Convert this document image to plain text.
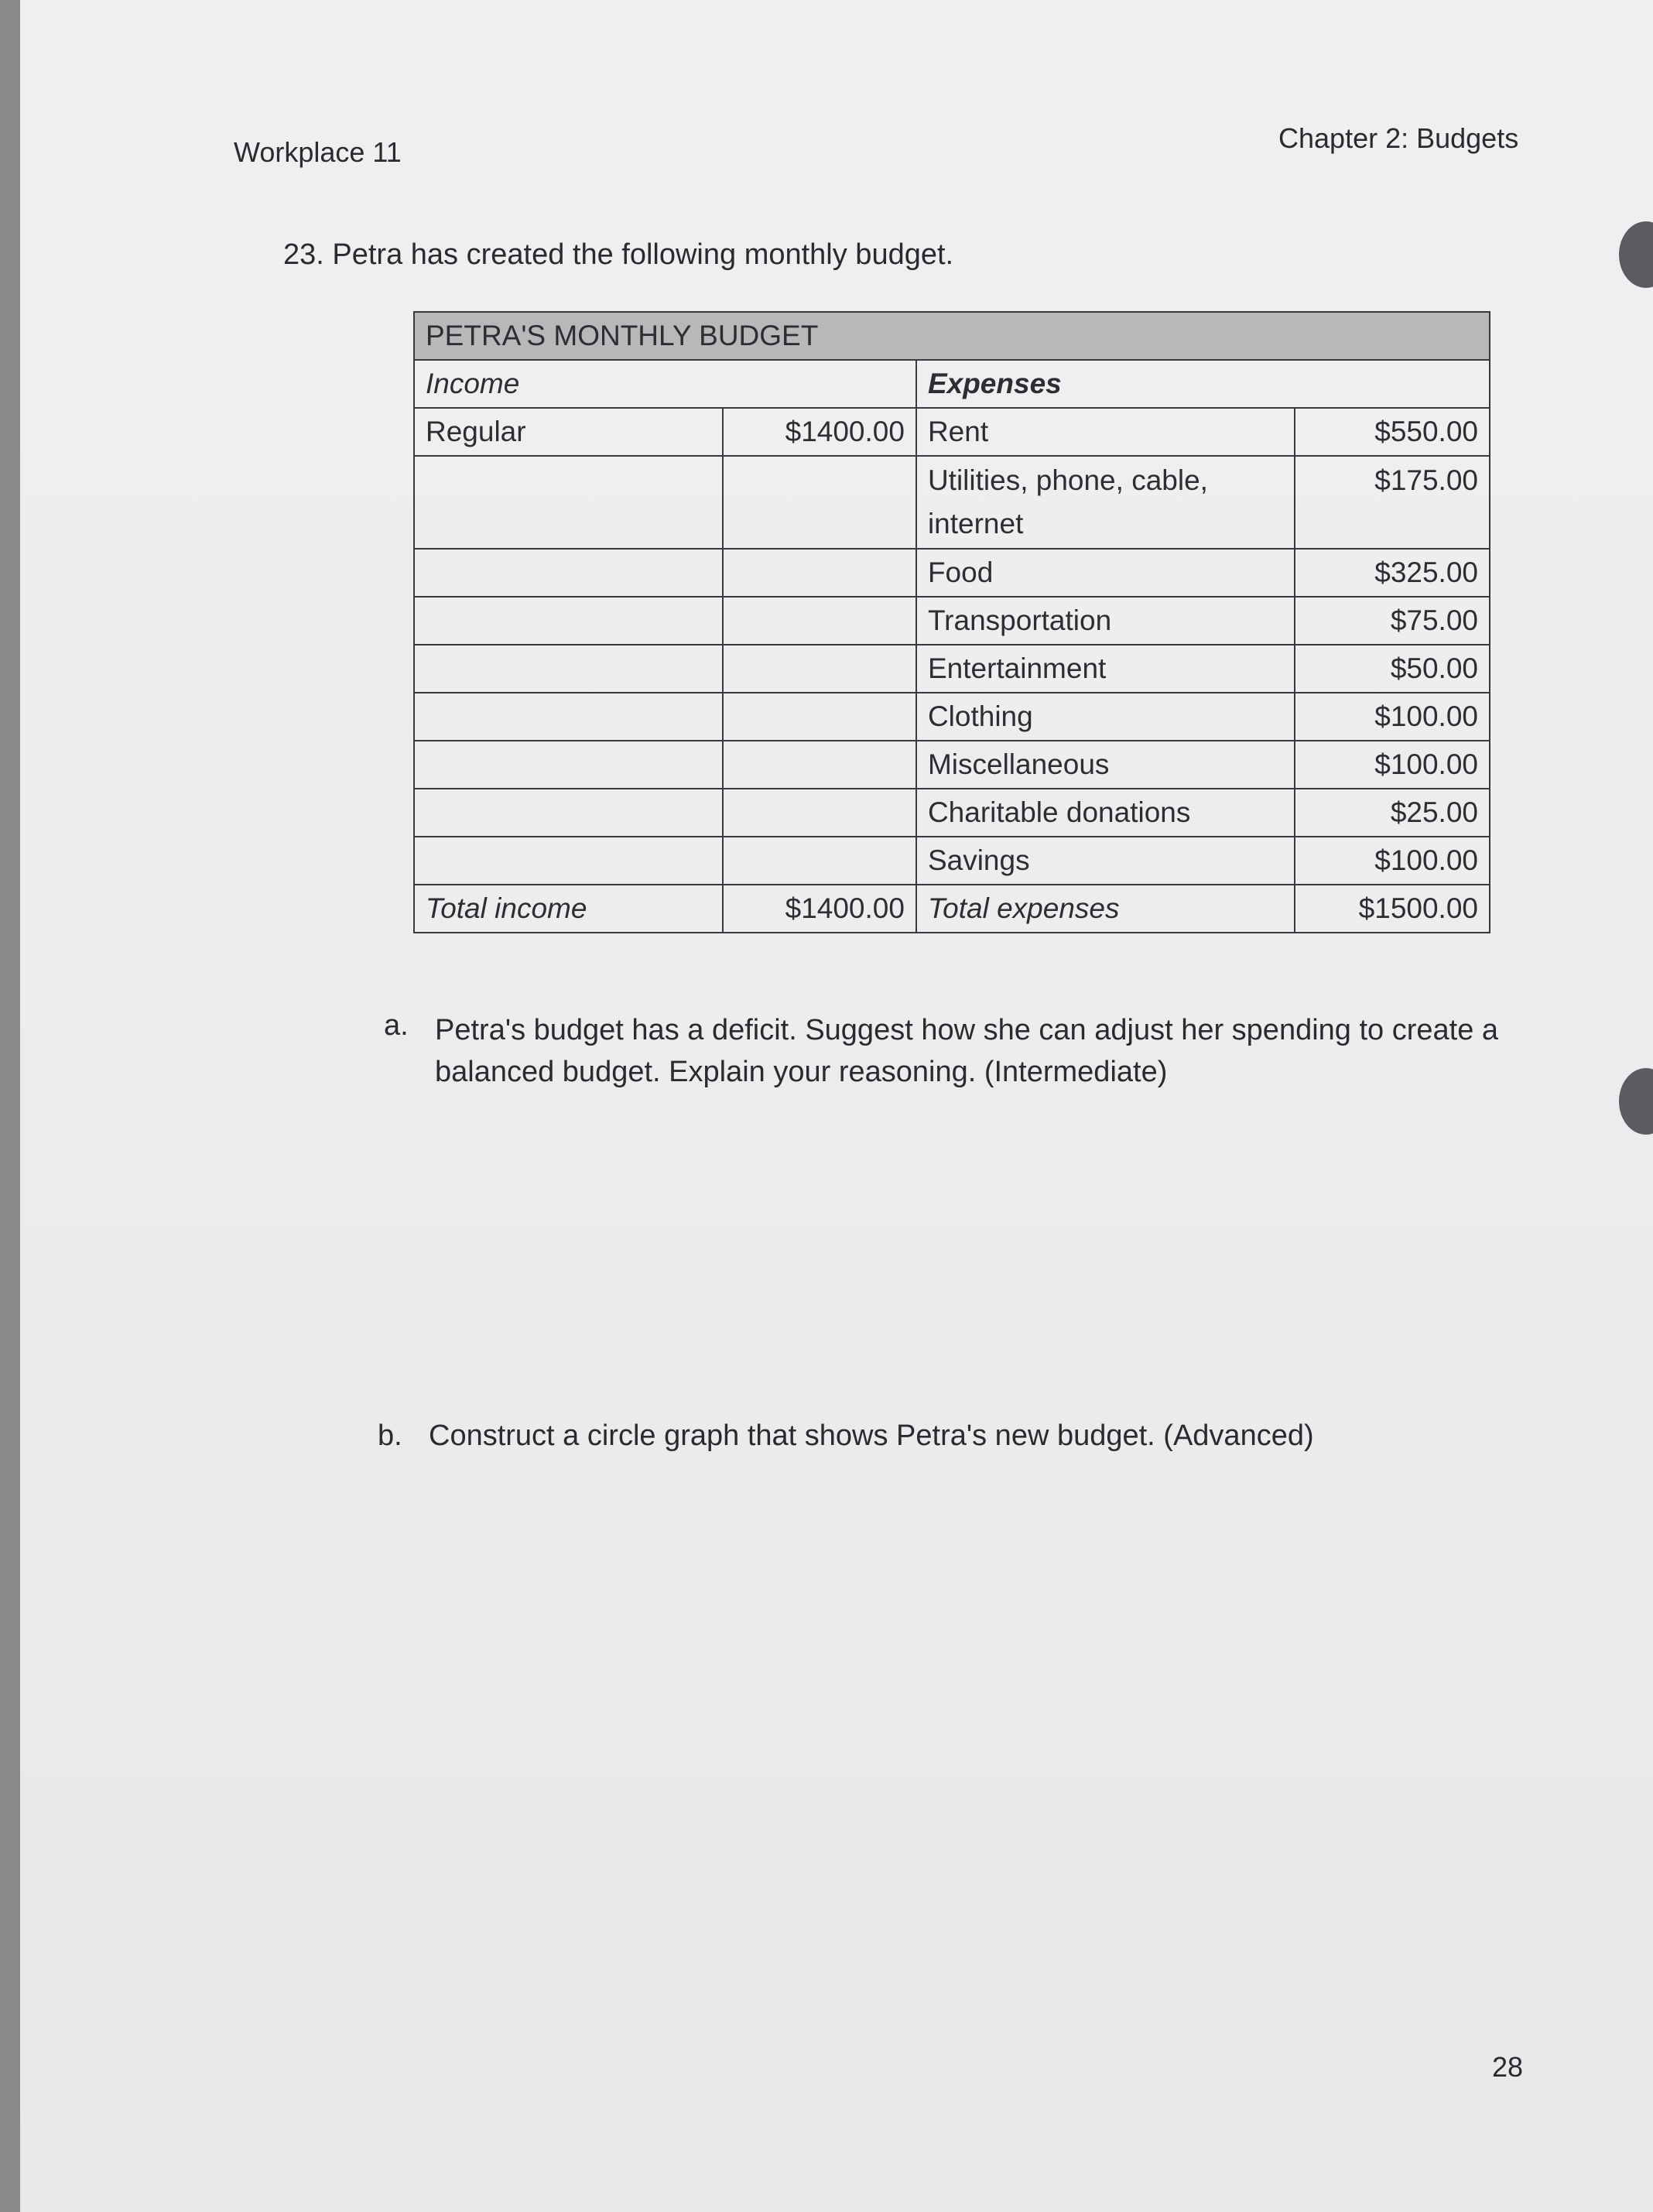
Workplace 11	Chapter 2: Budgets
23. Petra has created the following monthly budget.
PETRA'S MONTHLY BUDGET			
Income		Expenses	
Regular	$1400.00	Rent	$550.00
		Utilities, phone, cable, internet	$175.00
		Food	$325.00
		Transportation	$75.00
		Entertainment	$50.00
		Clothing	$100.00
		Miscellaneous	$100.00
		Charitable donations	$25.00
		Savings	$100.00
Total income	$1400.00	Total expenses	$1500.00
a. Petra's budget has a deficit. Suggest how she can adjust her spending to create a balanced budget. Explain your reasoning. (Intermediate)
b. Construct a circle graph that shows Petra's new budget. (Advanced)
28
